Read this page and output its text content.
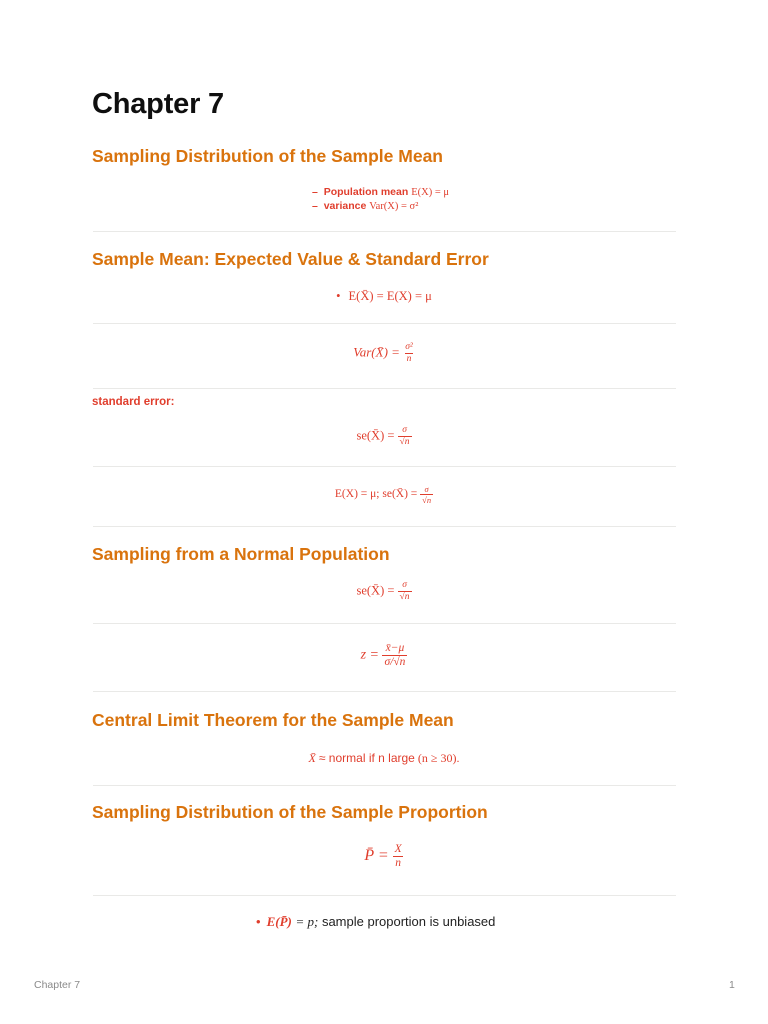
Chapter 7
Sampling Distribution of the Sample Mean
–  Population mean E(X) = μ
–  variance Var(X) = σ²
Sample Mean: Expected Value & Standard Error
• E(X̄) = E(X) = μ
Var(X̄) = $\frac{\text{σ²}}{n}$
standard error:
se(X̄) = $\frac{\sigma}{√n}$
E(X) = μ; se(X̄) = $\frac{\sigma}{√n}$
Sampling from a Normal Population
se(X̄) = $\frac{\sigma}{√n}$
$z = \frac{x̄-\mu}{\sigma/√n}$
Central Limit Theorem for the Sample Mean
X̄ ≈ normal if n large (n ≥ 30).
Sampling Distribution of the Sample Proportion
P̄ = $\frac{X}{n}$
• E(P̄) = p; sample proportion is unbiased
Chapter 7	1
